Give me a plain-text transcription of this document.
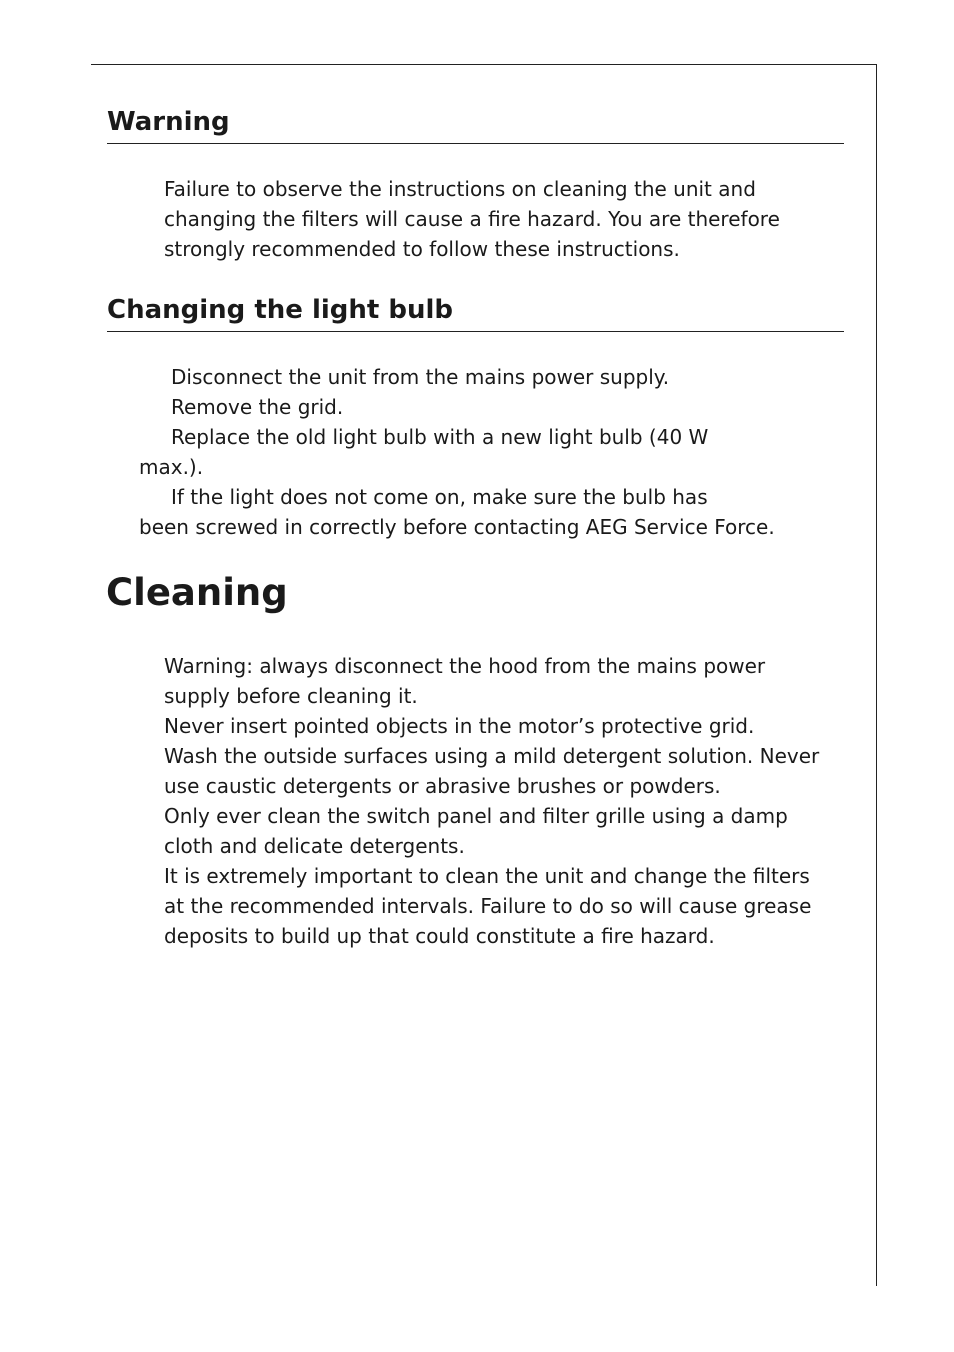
Warning
Failure to observe the instructions on cleaning the unit and
changing the filters will cause a fire hazard. You are therefore
strongly recommended to follow these instructions.
Changing the light bulb
Disconnect the unit from the mains power supply.
Remove the grid.
Replace the old light bulb with a new light bulb (40 W
max.).
If the light does not come on, make sure the bulb has
been screwed in correctly before contacting AEG Service Force.
Cleaning
Warning: always disconnect the hood from the mains power
supply before cleaning it.
Never insert pointed objects in the motor’s protective grid.
Wash the outside surfaces using a mild detergent solution. Never
use caustic detergents or abrasive brushes or powders.
Only ever clean the switch panel and filter grille using a damp
cloth and delicate detergents.
It is extremely important to clean the unit and change the filters
at the recommended intervals. Failure to do so will cause grease
deposits to build up that could constitute a fire hazard.
